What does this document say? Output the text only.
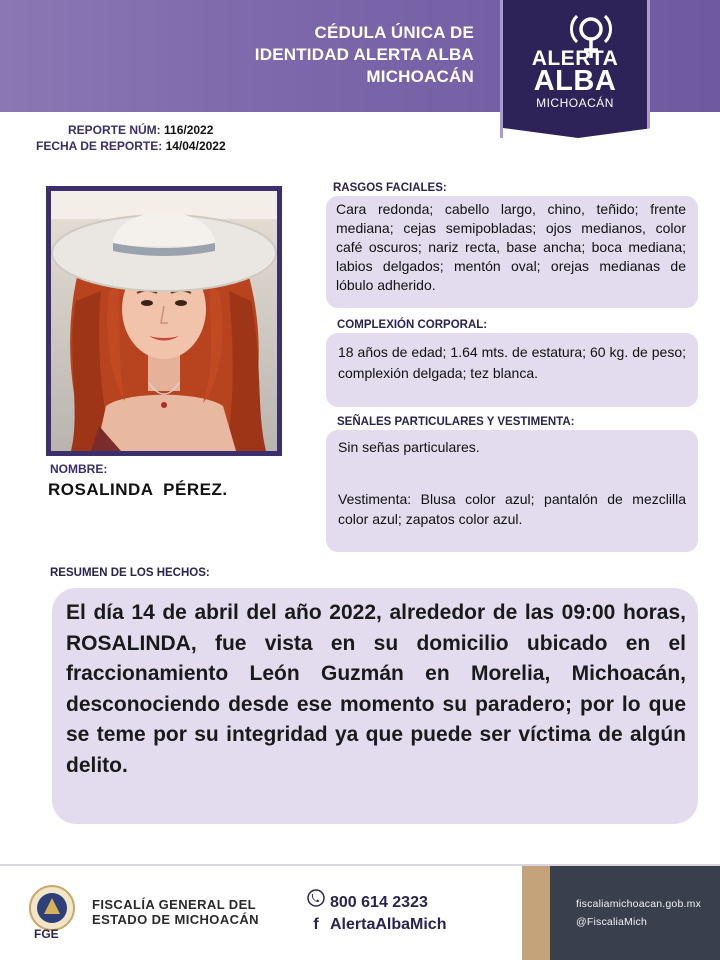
CÉDULA ÚNICA DE
IDENTIDAD ALERTA ALBA
MICHOACÁN
ALERTA
ALBA
MICHOACÁN
REPORTE NÚM: 116/2022
FECHA DE REPORTE: 14/04/2022
NOMBRE:
ROSALINDA PÉREZ.
RASGOS FACIALES:

Cara redonda; cabello largo, chino, teñido; frente mediana; cejas semipobladas; ojos medianos, color café oscuros; nariz recta, base ancha; boca mediana; labios delgados; mentón oval; orejas medianas de lóbulo adherido.

COMPLEXIÓN CORPORAL:

18 años de edad; 1.64 mts. de estatura; 60 kg. de peso; complexión delgada; tez blanca.

SEÑALES PARTICULARES Y VESTIMENTA:

Sin señas particulares.

Vestimenta: Blusa color azul; pantalón de mezclilla color azul; zapatos color azul.

RESUMEN DE LOS HECHOS:

El día 14 de abril del año 2022, alrededor de las 09:00 horas, ROSALINDA, fue vista en su domicilio ubicado en el fraccionamiento León Guzmán en Morelia, Michoacán, desconociendo desde ese momento su paradero; por lo que se teme por su integridad ya que puede ser víctima de algún delito.

FGE
FISCALÍA GENERAL DEL
ESTADO DE MICHOACÁN
800 614 2323
f AlertaAlbaMich
fiscaliamichoacan.gob.mx
@FiscaliaMich
